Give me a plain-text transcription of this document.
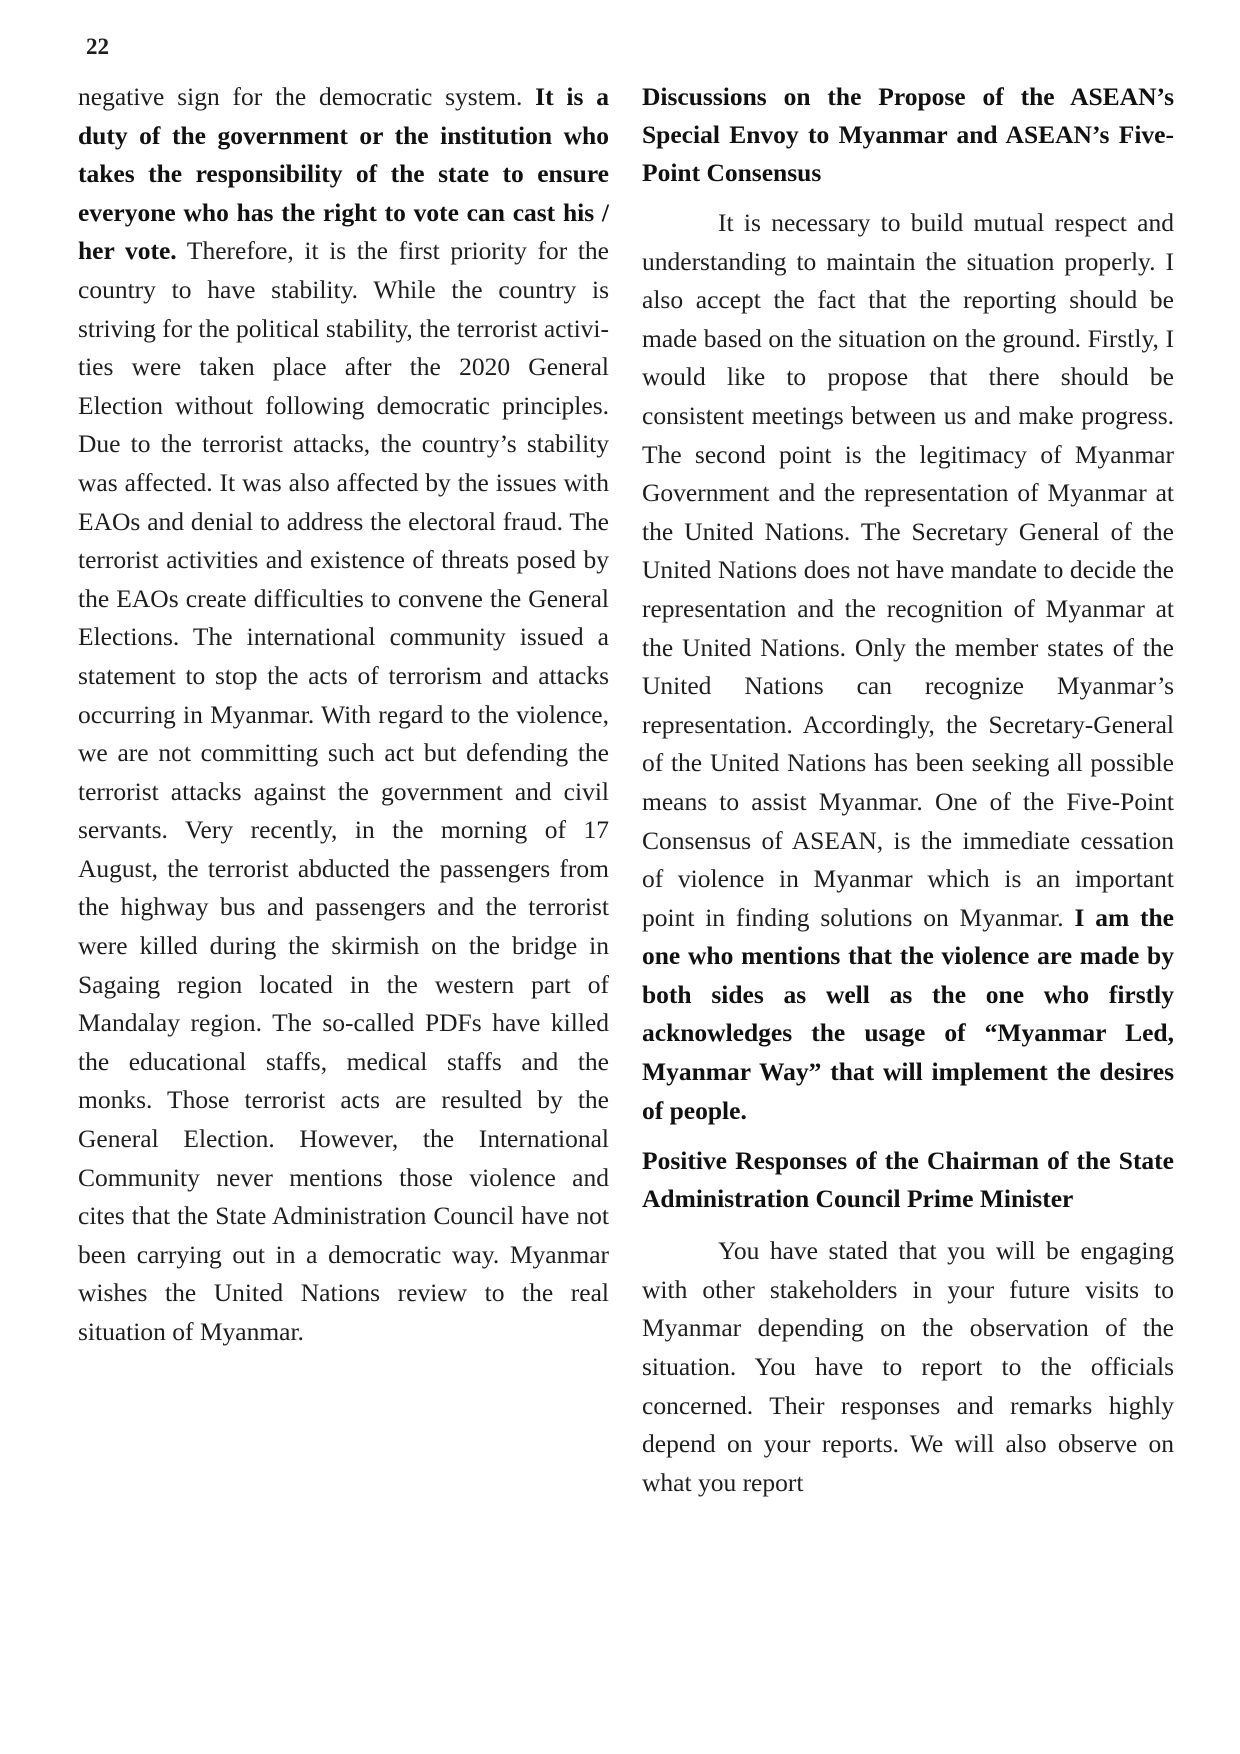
22

negative sign for the democratic system. It is a duty of the government or the institution who takes the responsibility of the state to ensure everyone who has the right to vote can cast his / her vote. Therefore, it is the first priority for the country to have stability. While the country is striving for the political stability, the terrorist activities were taken place after the 2020 General Election without following democratic principles. Due to the terrorist attacks, the country’s stability was affected. It was also affected by the issues with EAOs and denial to address the electoral fraud. The terrorist activities and existence of threats posed by the EAOs create difficulties to convene the General Elections. The international community issued a statement to stop the acts of terrorism and attacks occurring in Myanmar. With regard to the violence, we are not committing such act but defending the terrorist attacks against the government and civil servants. Very recently, in the morning of 17 August, the terrorist abducted the passengers from the highway bus and passengers and the terrorist were killed during the skirmish on the bridge in Sagaing region located in the western part of Mandalay region. The so-called PDFs have killed the educational staffs, medical staffs and the monks. Those terrorist acts are resulted by the General Election. However, the International Community never mentions those violence and cites that the State Administration Council have not been carrying out in a democratic way. Myanmar wishes the United Nations review to the real situation of Myanmar.

Discussions on the Propose of the ASEAN’s Special Envoy to Myanmar and ASEAN’s Five-Point Consensus

It is necessary to build mutual respect and understanding to maintain the situation properly. I also accept the fact that the reporting should be made based on the situation on the ground. Firstly, I would like to propose that there should be consistent meetings between us and make progress. The second point is the legitimacy of Myanmar Government and the representation of Myanmar at the United Nations. The Secretary General of the United Nations does not have mandate to decide the representation and the recognition of Myanmar at the United Nations. Only the member states of the United Nations can recognize Myanmar’s representation. Accordingly, the Secretary-General of the United Nations has been seeking all possible means to assist Myanmar. One of the Five-Point Consensus of ASEAN, is the immediate cessation of violence in Myanmar which is an important point in finding solutions on Myanmar. I am the one who mentions that the violence are made by both sides as well as the one who firstly acknowledges the usage of “Myanmar Led, Myanmar Way” that will implement the desires of people.

Positive Responses of the Chairman of the State Administration Council Prime Minister

You have stated that you will be engaging with other stakeholders in your future visits to Myanmar depending on the observation of the situation. You have to report to the officials concerned. Their responses and remarks highly depend on your reports. We will also observe on what you report
